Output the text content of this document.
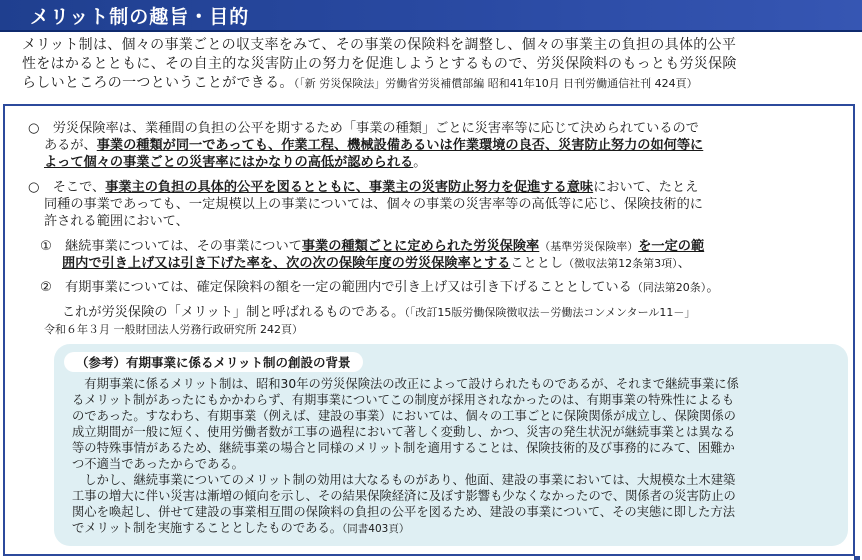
メリット制の趣旨・目的
メリット制は、個々の事業ごとの収支率をみて、その事業の保険料を調整し、個々の事業主の負担の具体的公平
性をはかるとともに、その自主的な災害防止の努力を促進しようとするもので、労災保険料のもっとも労災保険
らしいところの一つということができる。（「新 労災保険法」労働省労災補償部編 昭和41年10月 日刊労働通信社刊 424頁）
○　労災保険率は、業種間の負担の公平を期するため「事業の種類」ごとに災害率等に応じて決められているので
あるが、事業の種類が同一であっても、作業工程、機械設備あるいは作業環境の良否、災害防止努力の如何等に
よって個々の事業ごとの災害率にはかなりの高低が認められる。
○　そこで、事業主の負担の具体的公平を図るとともに、事業主の災害防止努力を促進する意味において、たとえ
同種の事業であっても、一定規模以上の事業については、個々の事業の災害率等の高低等に応じ、保険技術的に
許される範囲において、
①　継続事業については、その事業について事業の種類ごとに定められた労災保険率（基準労災保険率）を一定の範
囲内で引き上げ又は引き下げた率を、次の次の保険年度の労災保険率とすることとし（徴収法第12条第3項）、
②　有期事業については、確定保険料の額を一定の範囲内で引き上げ又は引き下げることとしている（同法第20条）。
これが労災保険の「メリット」制と呼ばれるものである。（「改訂15版労働保険徴収法－労働法コンメンタール11－」
令和６年３月 一般財団法人労務行政研究所 242頁）
（参考）有期事業に係るメリット制の創設の背景
　有期事業に係るメリット制は、昭和30年の労災保険法の改正によって設けられたものであるが、それまで継続事業に係
るメリット制があったにもかかわらず、有期事業についてこの制度が採用されなかったのは、有期事業の特殊性によるも
のであった。すなわち、有期事業（例えば、建設の事業）においては、個々の工事ごとに保険関係が成立し、保険関係の
成立期間が一般に短く、使用労働者数が工事の過程において著しく変動し、かつ、災害の発生状況が継続事業とは異なる
等の特殊事情があるため、継続事業の場合と同様のメリット制を適用することは、保険技術的及び事務的にみて、困難か
つ不適当であったからである。
　しかし、継続事業についてのメリット制の効用は大なるものがあり、他面、建設の事業においては、大規模な土木建築
工事の増大に伴い災害は漸増の傾向を示し、その結果保険経済に及ぼす影響も少なくなかったので、関係者の災害防止の
関心を喚起し、併せて建設の事業相互間の保険料の負担の公平を図るため、建設の事業について、その実態に即した方法
でメリット制を実施することとしたものである。（同書403頁）
